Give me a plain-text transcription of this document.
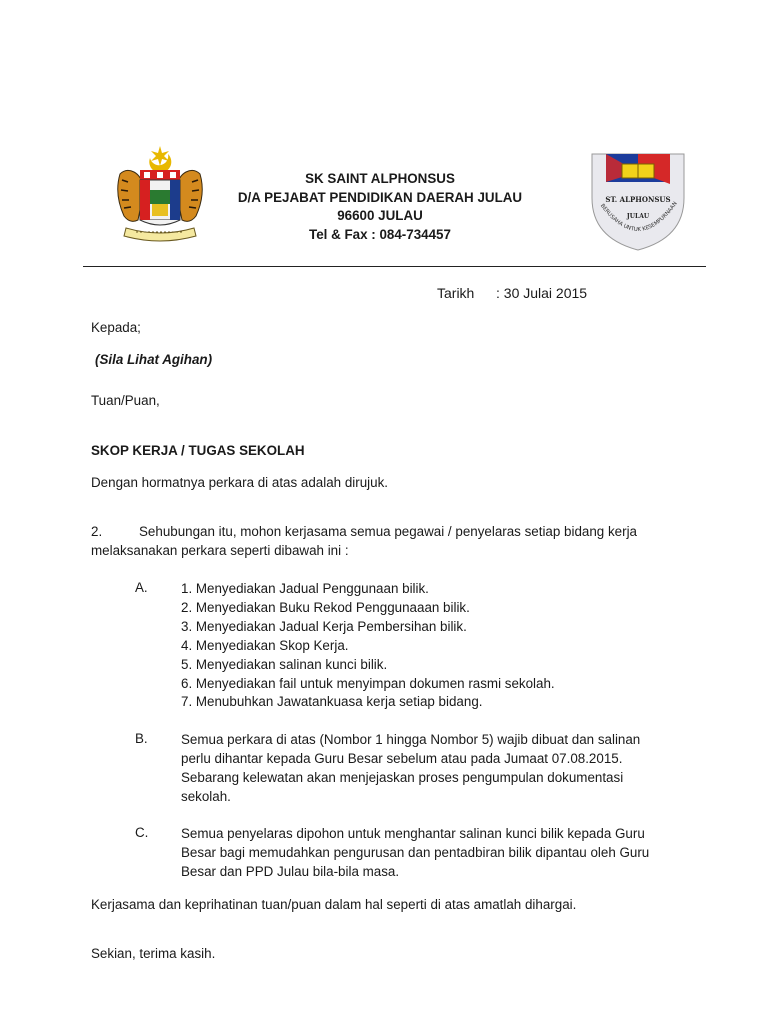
SK SAINT ALPHONSUS
D/A PEJABAT PENDIDIKAN DAERAH JULAU
96600 JULAU
Tel & Fax : 084-734457
ST. ALPHONSUS
JULAU
BERUSAHA UNTUK KESEMPURNAAN
Tarikh : 30 Julai 2015
Kepada;
(Sila Lihat Agihan)
Tuan/Puan,
SKOP KERJA / TUGAS SEKOLAH
Dengan hormatnya perkara di atas adalah dirujuk.
2.	Sehubungan itu, mohon kerjasama semua pegawai / penyelaras setiap bidang kerja
melaksanakan perkara seperti dibawah ini :
A. 1. Menyediakan Jadual Penggunaan bilik.
2. Menyediakan Buku Rekod Penggunaaan bilik.
3. Menyediakan Jadual Kerja Pembersihan bilik.
4. Menyediakan Skop Kerja.
5. Menyediakan salinan kunci bilik.
6. Menyediakan fail untuk menyimpan dokumen rasmi sekolah.
7. Menubuhkan Jawatankuasa kerja setiap bidang.
B. Semua perkara di atas (Nombor 1 hingga Nombor 5) wajib dibuat dan salinan
perlu dihantar kepada Guru Besar sebelum atau pada Jumaat 07.08.2015.
Sebarang kelewatan akan menjejaskan proses pengumpulan dokumentasi
sekolah.
C. Semua penyelaras dipohon untuk menghantar salinan kunci bilik kepada Guru
Besar bagi memudahkan pengurusan dan pentadbiran bilik dipantau oleh Guru
Besar dan PPD Julau bila-bila masa.
Kerjasama dan keprihatinan tuan/puan dalam hal seperti di atas amatlah dihargai.
Sekian, terima kasih.
